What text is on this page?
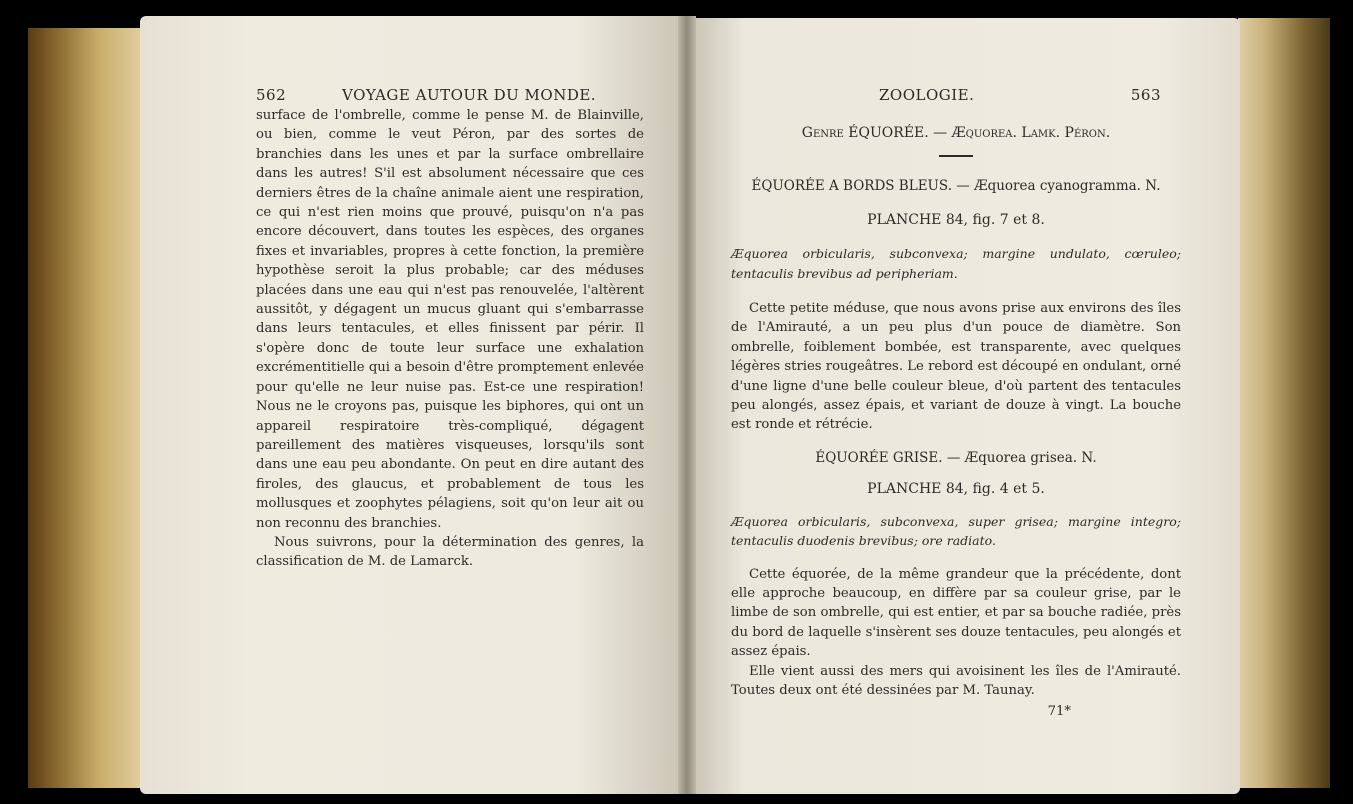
562	VOYAGE AUTOUR DU MONDE.

surface de l'ombrelle, comme le pense M. de Blainville, ou bien, comme le veut Péron, par des sortes de branchies dans les unes et par la surface ombrellaire dans les autres! S'il est absolument nécessaire que ces derniers êtres de la chaîne animale aient une respiration, ce qui n'est rien moins que prouvé, puisqu'on n'a pas encore découvert, dans toutes les espèces, des organes fixes et invariables, propres à cette fonction, la première hypothèse seroit la plus probable; car des méduses placées dans une eau qui n'est pas renouvelée, l'altèrent aussitôt, y dégagent un mucus gluant qui s'embarrasse dans leurs tentacules, et elles finissent par périr. Il s'opère donc de toute leur surface une exhalation excrémentitielle qui a besoin d'être promptement enlevée pour qu'elle ne leur nuise pas. Est-ce une respiration! Nous ne le croyons pas, puisque les biphores, qui ont un appareil respiratoire très-compliqué, dégagent pareillement des matières visqueuses, lorsqu'ils sont dans une eau peu abondante. On peut en dire autant des firoles, des glaucus, et probablement de tous les mollusques et zoophytes pélagiens, soit qu'on leur ait ou non reconnu des branchies.

Nous suivrons, pour la détermination des genres, la classification de M. de Lamarck.

ZOOLOGIE.	563

Genre ÉQUORÉE. — Æquorea. Lamk. Péron.

ÉQUORÉE A BORDS BLEUS. — Æquorea cyanogramma. N.

PLANCHE 84, fig. 7 et 8.

Æquorea orbicularis, subconvexa; margine undulato, cœruleo; tentaculis brevibus ad peripheriam.

Cette petite méduse, que nous avons prise aux environs des îles de l'Amirauté, a un peu plus d'un pouce de diamètre. Son ombrelle, foiblement bombée, est transparente, avec quelques légères stries rougeâtres. Le rebord est découpé en ondulant, orné d'une ligne d'une belle couleur bleue, d'où partent des tentacules peu alongés, assez épais, et variant de douze à vingt. La bouche est ronde et rétrécie.

ÉQUORÉE GRISE. — Æquorea grisea. N.

PLANCHE 84, fig. 4 et 5.

Æquorea orbicularis, subconvexa, super grisea; margine integro; tentaculis duodenis brevibus; ore radiato.

Cette équorée, de la même grandeur que la précédente, dont elle approche beaucoup, en diffère par sa couleur grise, par le limbe de son ombrelle, qui est entier, et par sa bouche radiée, près du bord de laquelle s'insèrent ses douze tentacules, peu alongés et assez épais.

Elle vient aussi des mers qui avoisinent les îles de l'Amirauté. Toutes deux ont été dessinées par M. Taunay.

71*
